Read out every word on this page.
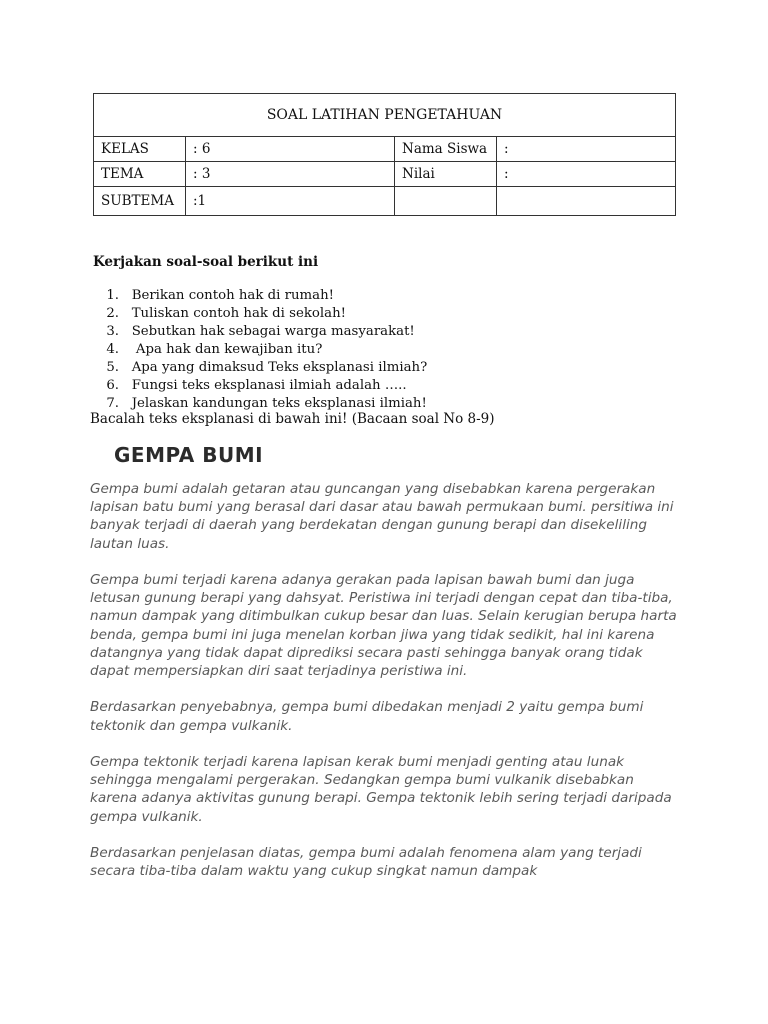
SOAL LATIHAN PENGETAHUAN			
KELAS	: 6	Nama Siswa	:
TEMA	: 3	Nilai	:
SUBTEMA	:1		

Kerjakan soal-soal berikut ini

1.
Berikan contoh hak di rumah!
2.
Tuliskan contoh hak di sekolah!
3.
Sebutkan hak sebagai warga masyarakat!
4.
Apa hak dan kewajiban itu?
5.
Apa yang dimaksud Teks eksplanasi ilmiah?
6.
Fungsi teks eksplanasi ilmiah adalah …..
7.
Jelaskan kandungan teks eksplanasi ilmiah!

Bacalah teks eksplanasi di bawah ini! (Bacaan soal No 8-9)

GEMPA BUMI

Gempa bumi adalah getaran atau guncangan yang disebabkan karena pergerakan lapisan batu bumi yang berasal dari dasar atau bawah permukaan bumi. persitiwa ini banyak terjadi di daerah yang berdekatan dengan gunung berapi dan disekeliling lautan luas.

Gempa bumi terjadi karena adanya gerakan pada lapisan bawah bumi dan juga letusan gunung berapi yang dahsyat. Peristiwa ini terjadi dengan cepat dan tiba-tiba, namun dampak yang ditimbulkan cukup besar dan luas. Selain kerugian berupa harta benda, gempa bumi ini juga menelan korban jiwa yang tidak sedikit, hal ini karena datangnya yang tidak dapat diprediksi secara pasti sehingga banyak orang tidak dapat mempersiapkan diri saat terjadinya peristiwa ini.

Berdasarkan penyebabnya, gempa bumi dibedakan menjadi 2 yaitu gempa bumi tektonik dan gempa vulkanik.

Gempa tektonik terjadi karena lapisan kerak bumi menjadi genting atau lunak sehingga mengalami pergerakan. Sedangkan gempa bumi vulkanik disebabkan karena adanya aktivitas gunung berapi. Gempa tektonik lebih sering terjadi daripada gempa vulkanik.

Berdasarkan penjelasan diatas, gempa bumi adalah fenomena alam yang terjadi secara tiba-tiba dalam waktu yang cukup singkat namun dampak
